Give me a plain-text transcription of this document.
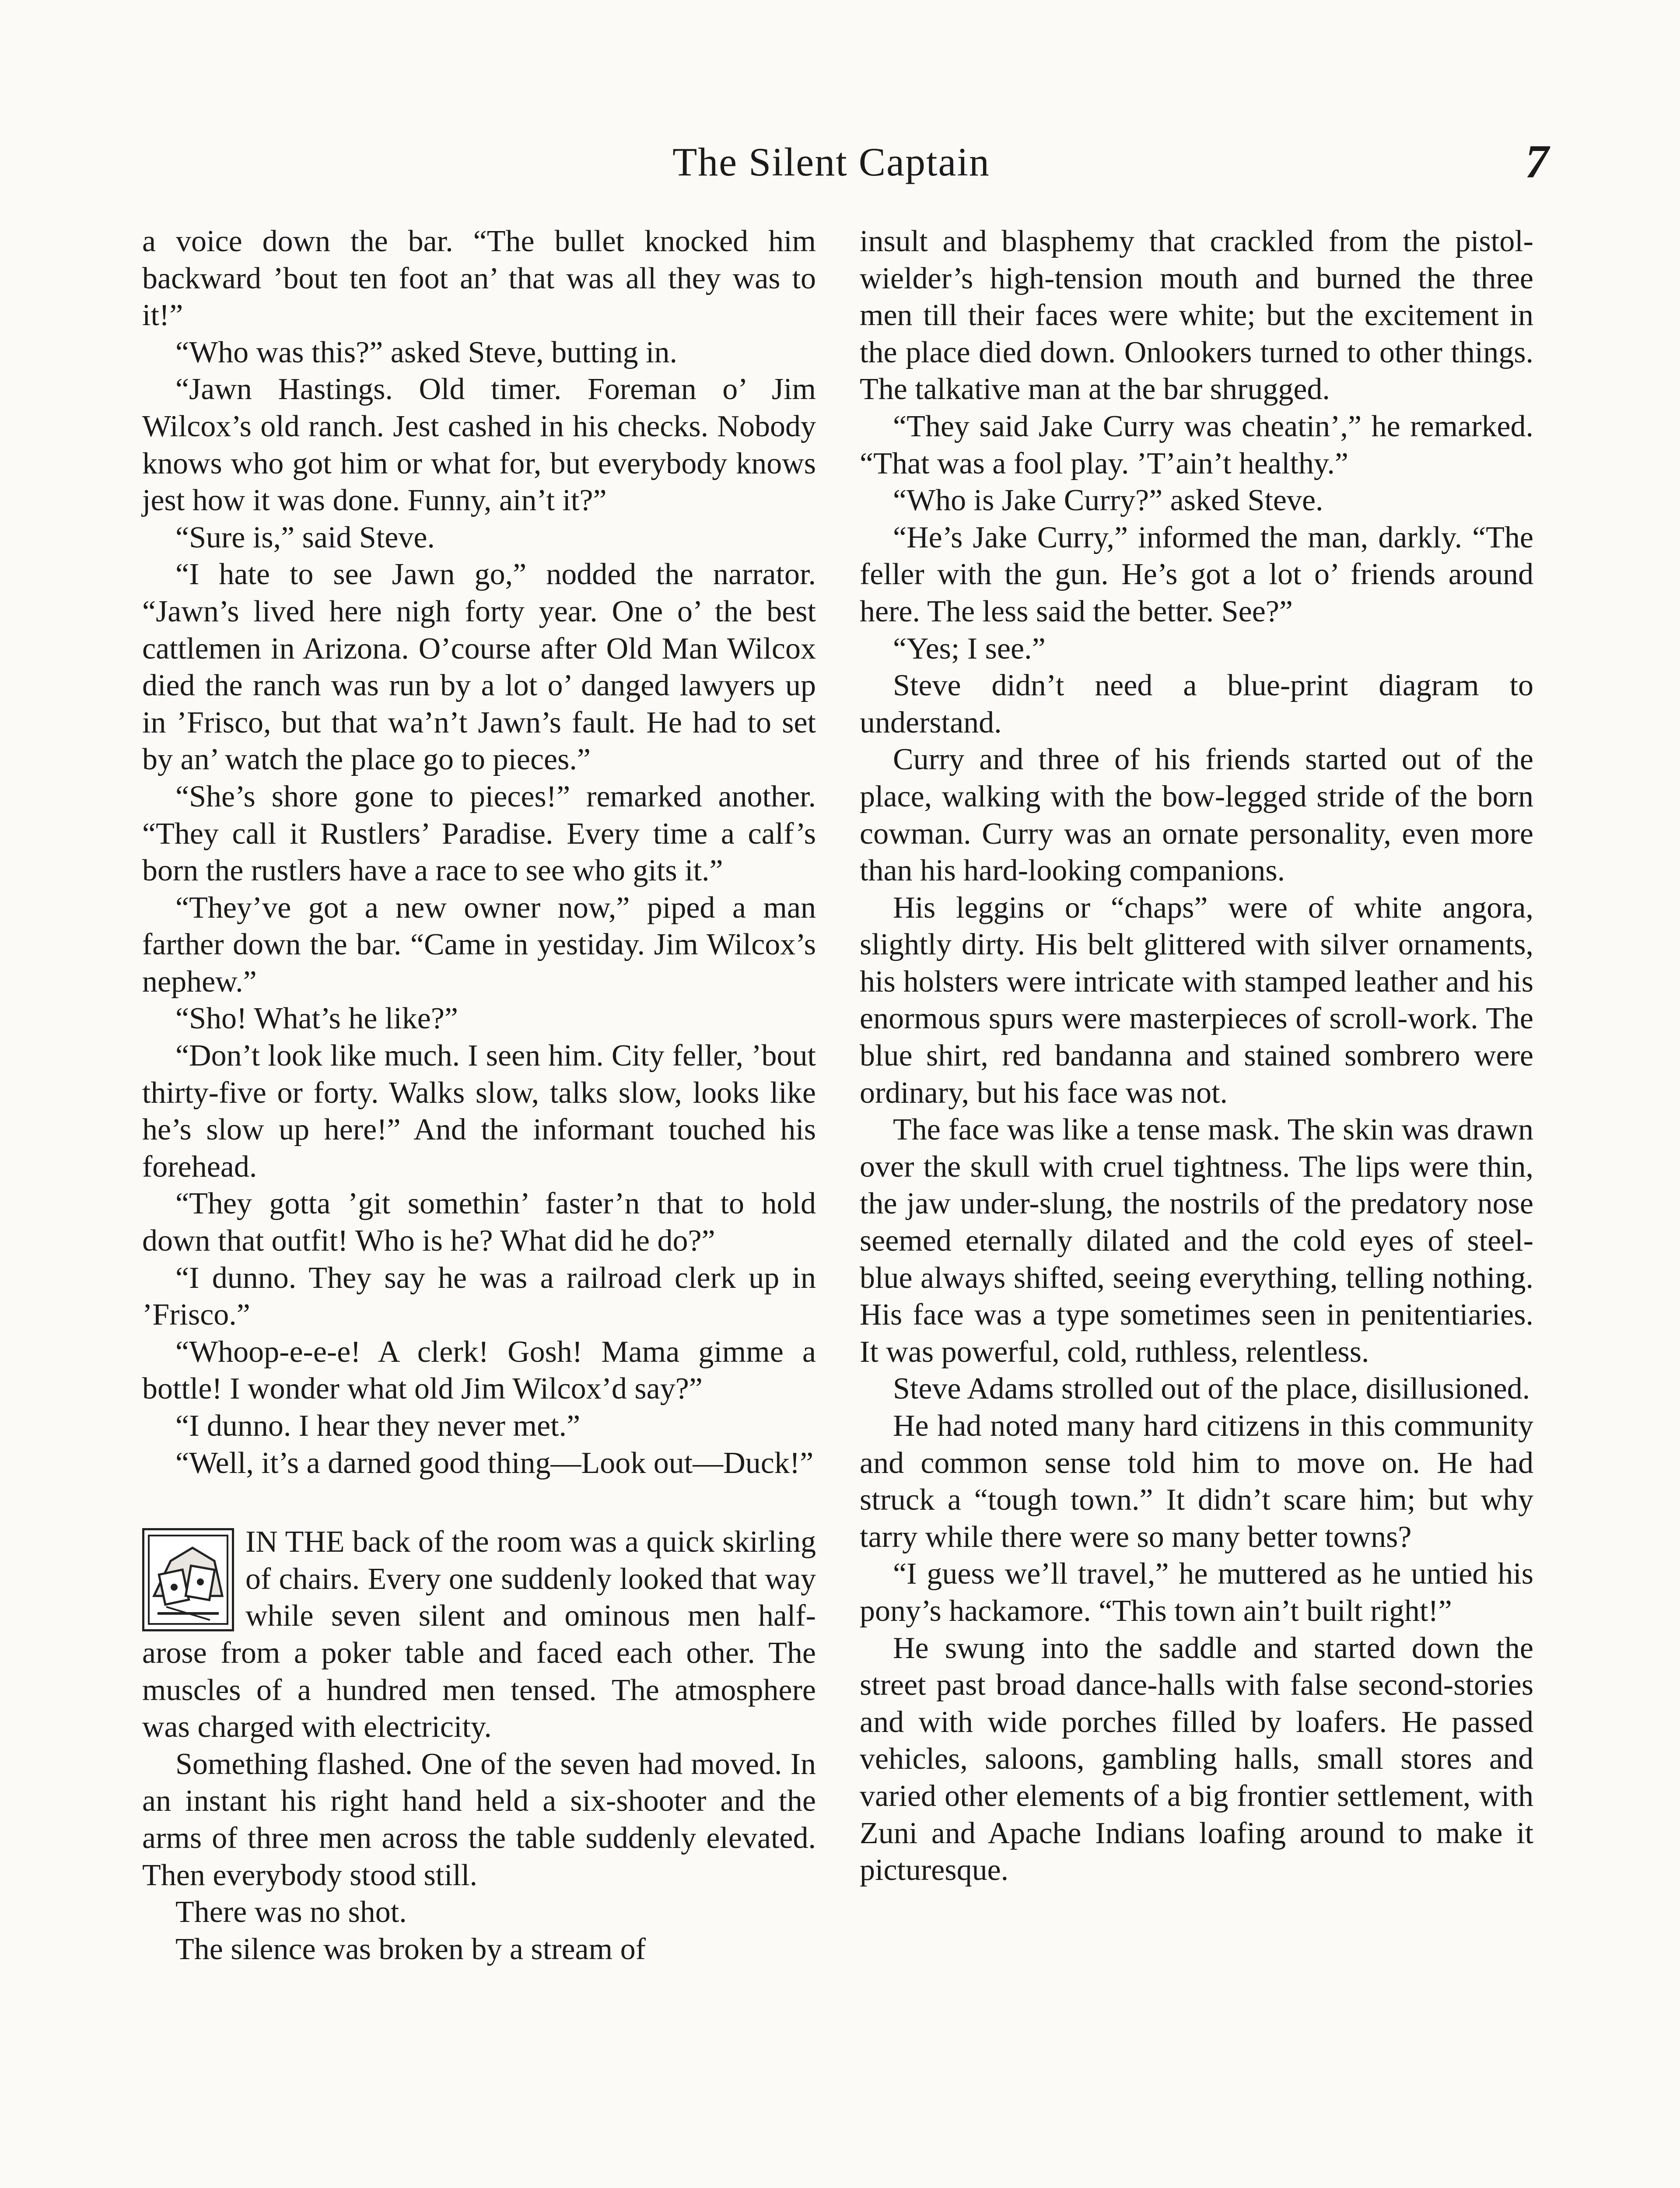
The Silent Captain	7

a voice down the bar. “The bullet knocked him backward ’bout ten foot an’ that was all they was to it!”

“Who was this?” asked Steve, butting in.

“Jawn Hastings. Old timer. Foreman o’ Jim Wilcox’s old ranch. Jest cashed in his checks. Nobody knows who got him or what for, but everybody knows jest how it was done. Funny, ain’t it?”

“Sure is,” said Steve.

“I hate to see Jawn go,” nodded the narrator. “Jawn’s lived here nigh forty year. One o’ the best cattlemen in Arizona. O’course after Old Man Wilcox died the ranch was run by a lot o’ danged lawyers up in ’Frisco, but that wa’n’t Jawn’s fault. He had to set by an’ watch the place go to pieces.”

“She’s shore gone to pieces!” remarked another. “They call it Rustlers’ Paradise. Every time a calf’s born the rustlers have a race to see who gits it.”

“They’ve got a new owner now,” piped a man farther down the bar. “Came in yestiday. Jim Wilcox’s nephew.”

“Sho! What’s he like?”

“Don’t look like much. I seen him. City feller, ’bout thirty-five or forty. Walks slow, talks slow, looks like he’s slow up here!” And the informant touched his forehead.

“They gotta ’git somethin’ faster’n that to hold down that outfit! Who is he? What did he do?”

“I dunno. They say he was a railroad clerk up in ’Frisco.”

“Whoop-e-e-e! A clerk! Gosh! Mama gimme a bottle! I wonder what old Jim Wilcox’d say?”

“I dunno. I hear they never met.”

“Well, it’s a darned good thing—Look out—Duck!”

IN THE back of the room was a quick skirling of chairs. Every one suddenly looked that way while seven silent and ominous men half-arose from a poker table and faced each other. The muscles of a hundred men tensed. The atmosphere was charged with electricity.

Something flashed. One of the seven had moved. In an instant his right hand held a six-shooter and the arms of three men across the table suddenly elevated. Then everybody stood still.

There was no shot.

The silence was broken by a stream of

insult and blasphemy that crackled from the pistol-wielder’s high-tension mouth and burned the three men till their faces were white; but the excitement in the place died down. Onlookers turned to other things. The talkative man at the bar shrugged.

“They said Jake Curry was cheatin’,” he remarked. “That was a fool play. ’T’ain’t healthy.”

“Who is Jake Curry?” asked Steve.

“He’s Jake Curry,” informed the man, darkly. “The feller with the gun. He’s got a lot o’ friends around here. The less said the better. See?”

“Yes; I see.”

Steve didn’t need a blue-print diagram to understand.

Curry and three of his friends started out of the place, walking with the bow-legged stride of the born cowman. Curry was an ornate personality, even more than his hard-looking companions.

His leggins or “chaps” were of white angora, slightly dirty. His belt glittered with silver ornaments, his holsters were intricate with stamped leather and his enormous spurs were masterpieces of scroll-work. The blue shirt, red bandanna and stained sombrero were ordinary, but his face was not.

The face was like a tense mask. The skin was drawn over the skull with cruel tightness. The lips were thin, the jaw under-slung, the nostrils of the predatory nose seemed eternally dilated and the cold eyes of steel-blue always shifted, seeing everything, telling nothing. His face was a type sometimes seen in penitentiaries. It was powerful, cold, ruthless, relentless.

Steve Adams strolled out of the place, disillusioned.

He had noted many hard citizens in this community and common sense told him to move on. He had struck a “tough town.” It didn’t scare him; but why tarry while there were so many better towns?

“I guess we’ll travel,” he muttered as he untied his pony’s hackamore. “This town ain’t built right!”

He swung into the saddle and started down the street past broad dance-halls with false second-stories and with wide porches filled by loafers. He passed vehicles, saloons, gambling halls, small stores and varied other elements of a big frontier settlement, with Zuni and Apache Indians loafing around to make it picturesque.
